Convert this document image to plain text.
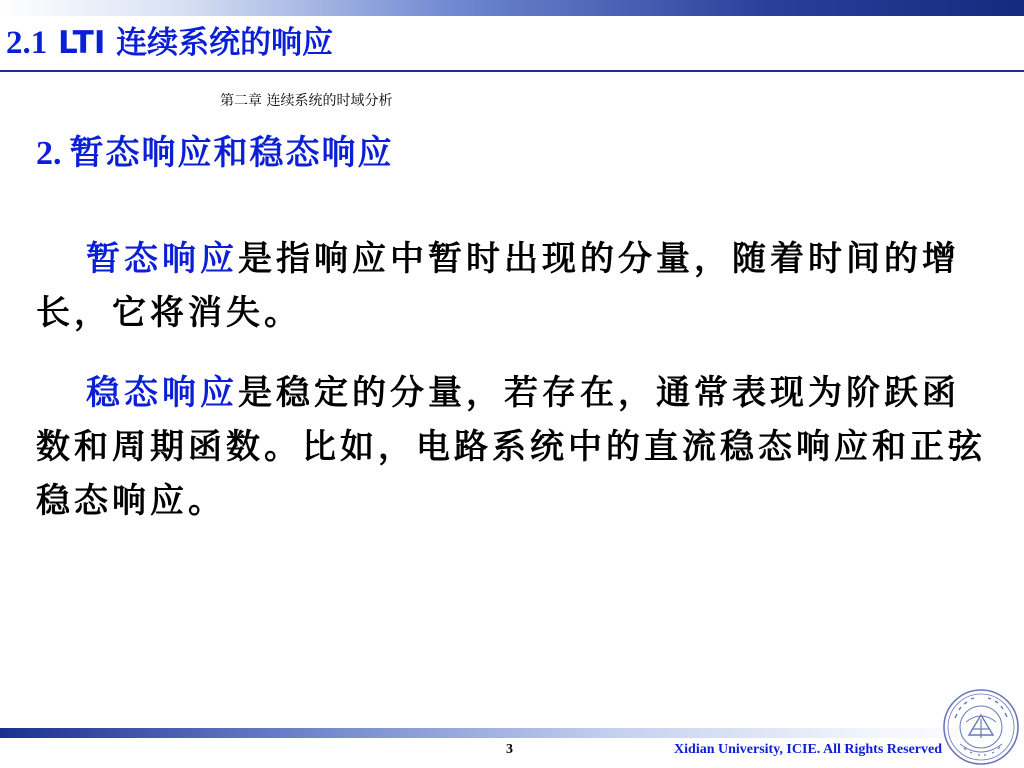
2.1 LTI 连续系统的响应
第二章 连续系统的时域分析
2. 暂态响应和稳态响应

暂态响应是指响应中暂时出现的分量，随着时间的增长，它将消失。

稳态响应是稳定的分量，若存在，通常表现为阶跃函数和周期函数。比如，电路系统中的直流稳态响应和正弦稳态响应。

3	Xidian University, ICIE. All Rights Reserved
